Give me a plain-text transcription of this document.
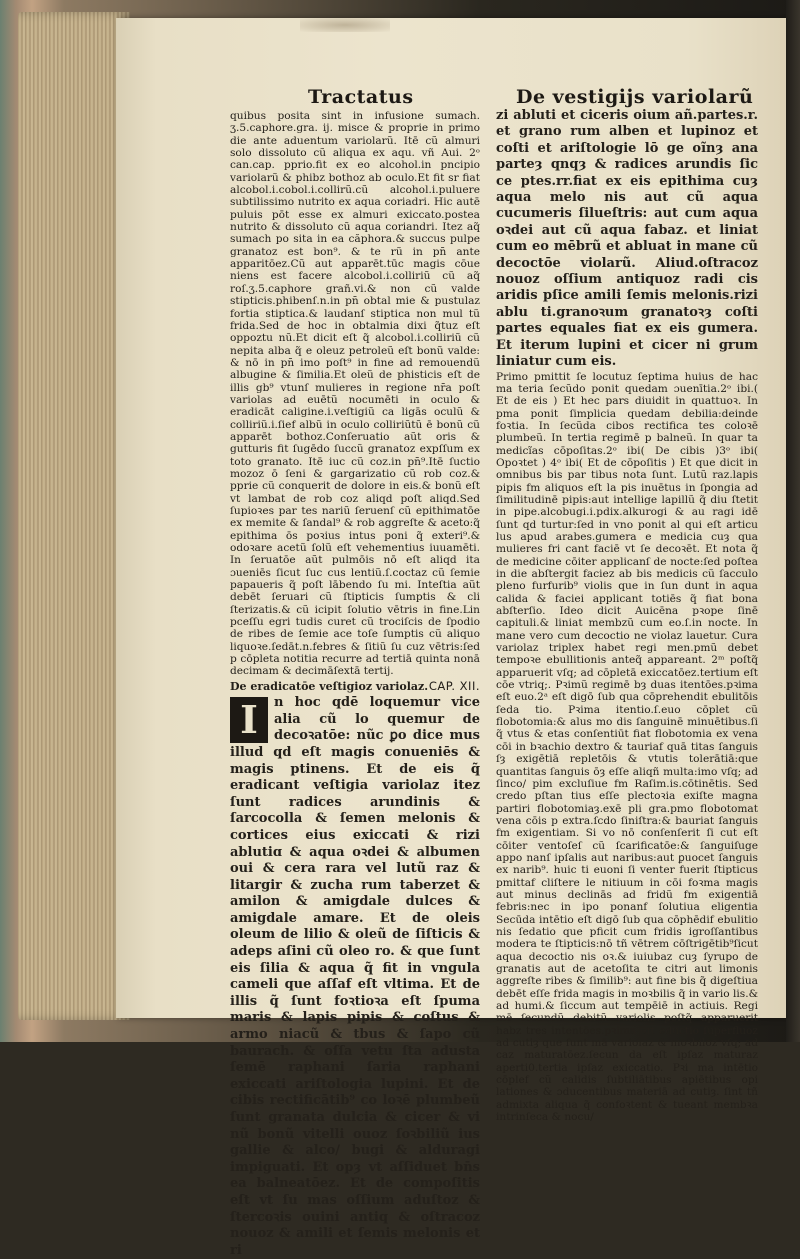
Tractatus	De vestigijs variolarũ

quibus posita sint in infusione sumach. ʒ.5.caphore.gra. ij. misce & proprie in primo die ante aduentum variolarũ. Itē cũ almuri solo dissoluto cũ aliqua ex aqu. vñ Aui. 2ᵒ can.cap. pprio.fit ex eo alcohol.in pncipio variolarũ & phibz bothoz ab oculo.Et fit sr fiat alcobol.i.cobol.i.collirũ.cũ alcohol.i.puluere subtilissimo nutrito ex aqua coriadri. Hic autē puluis pōt esse ex almuri exiccato.postea nutrito & dissoluto cũ aqua coriandri. Itez aq̃ sumach po sita in ea căphora.& succus pulpe granatoz est bon⁹. & te rũ in pn̄ ante apparitōez.Cũ aut apparēt.tūc magis cōue niens est facere alcobol.i.colliriũ cũ aq̃ roſ.ʒ.5.caphore grañ.vi.& non cũ valde stipticis.phibenſ.n.in pn̄ obtal mie & pustulaz fortia stiptica.& laudanſ stiptica non mul tũ frida.Sed de hoc in obtalmia dixi q̃tuz eſt oppoztu nũ.Et dicit eſt q̃ alcobol.i.colliriũ cũ nepita alba q̃ e oleuz petroleũ eſt bonũ valde: & nō in pn̄ imo poſt⁹ in fine ad remouendũ albugine & ſimilia.Et oleũ de phisticis eſt de illis gb⁹ vtunſ mulieres in regione nr̄a poſt variolas ad euētũ nocumēti in oculo & eradicāt caligine.i.veſtigiũ ca ligās oculũ & colliriũ.i.ſief albũ in oculo colliriũtũ ē bonũ cũ apparēt bothoz.Conſeruatio aũt oris & gutturis fit ſugēdo ſuccũ granatoz expſſum ex toto granato. Itē iuc cũ coz.in pn̄⁹.Itē ſuctio mozoz ō ſeni & gargarizatio cũ rob coz.& pprie cũ conquerit de dolore in eis.& bonũ eſt vt lambat de rob coz aliqd poſt aliqd.Sed ſupioꝛes par tes nariũ ſeruenſ cũ epithimatōe ex memite & ſandal⁹ & rob aggreſte & aceto:q̃ epithima ōs poꝛius intus poni q̃ exteri⁹.& odoꝛare acetũ ſolũ eſt vehementius iuuamēti. In ſeruatōe aũt pulmōis nō eſt aliqd ita ɔueniēs ſicut ſuc cus lentiũ.ſ.coctaz cũ ſemie papaueris q̃ poſt lābendo ſu mi. Inteſtia aũt debēt ſeruari cũ ſtipticis ſumptis & cli ſterizatis.& cũ icipit ſolutio vētris in fine.Lin pceſſu egri tudis curet cũ trociſcis de ſpodio de ribes de ſemie ace toſe ſumptis cũ aliquo liquoꝛe.ſedāt.n.febres & ſitiũ ſu cuz vētris:ſed p cōpleta notitia recurre ad tertiā quinta nonā decimam & decimāſextā tertij.

De eradicatōe veſtigioz variolaz. CAP. XII.
I	n hoc qdē loquemur vice alia cũ lo quemur de decoꝛatōe: nũc ꝑo dice mus illud qd eſt magis conueniēs & magis ptinens. Et de eis q̃ eradicant veſtigia variolaz itez ſunt radices arundinis & ſarcocolla & ſemen melonis & cortices eius exiccati & rizi ablutiɑ & aqua oꝛdei & albumen oui & cera rara vel lutũ raz & litargir & zucha rum taberzet & amilon & amigdale dulces & amigdale amare. Et de oleis oleum de lilio & oleũ de ſiſticis & adeps aſini cũ oleo ro. & que ſunt eis ſilia & aqua q̃ fit in vngula cameli que aſſaf eſt vltima. Et de illis q̃ ſunt foꝛtioꝛa eſt ſpuma maris & lapis pipis & coſtus & armo niacũ & tbus & ſapo cũ baurach. & oſſa vetu ſta adusta ſemē raphani ſaria raphani exiccati ariſtologia lupini. Et de cibis rectificātib⁹ co loꝛē plumbeũ ſunt granata dulcia & cicer & vi nũ bonũ vitelli ouoz ſoꝛbiliũ ius gallie & alco/ bugi & alduragi impiguati. Et opȝ vt aſſiduet bn̄s ea balneatōez. Et de compoſitis eſt vt ſu mas oſſium aduſtoz & ſtercoꝛis ouini antiq & oſtracoz nouoz & amili et ſemis melonis et ri
zi abluti et ciceris oium añ.partes.r. et grano rum alben et lupinoz et coſti et ariſtologie lō ge oĩnȝ ana parteȝ qnqȝ & radices arundis ſic ce ptes.rr.fiat ex eis epithima cuȝ aqua melo nis aut cũ aqua cucumeris ſilueſtris: aut cum aqua oꝛdei aut cũ aqua fabaz. et liniat cum eo mēbrũ et abluat in mane cũ decoctōe violarũ. Aliud.oſtracoz nouoz oſſium antiquoz radi cis aridis pſice amili ſemis melonis.rizi ablu ti.granoꝛum granatoꝛȝ coſti partes equales fiat ex eis gumera. Et iterum lupini et cicer ni grum liniatur cum eis.

Primo pmittit ſe locutuz ſeptima huius de hac ma teria ſecũdo ponit quedam ɔuenītia.2ᵒ ibi.( Et de eis ) Et hec pars diuidit in quattuoꝛ. In pma ponit ſimplicia quedam debilia:deinde foꝛtia. In ſecũda cibos rectifica tes coloꝛē plumbeũ. In tertia regimē p balneũ. In quar ta medicĩas cōpoſitas.2ᵒ ibi( De cibis )3ᵒ ibi( Opoꝛtet ) 4ᵒ ibi( Et de cōpoſitis ) Et que dicit in omnibus bis par tibus nota ſunt. Lutũ raz.lapis pipis fm aliquos eſt la pis inuētus in ſpongia ad ſimilitudinē pipis:aut intellige lapillũ q̃ diu ſtetit in pipe.alcobugi.i.pdix.alkurogi & au ragi idē ſunt qd turtur:ſed in vno ponit al qui eſt articu lus apud arabes.gumera e medicia cuȝ qua mulieres fri cant faciē vt ſe decoꝛēt. Et nota q̃ de medicine cōiter applicanſ de nocte:ſed poſtea in die abſtergit faciez ab bis medicis cũ ſacculo pleno furfurib⁹ violis que in ſun dunt in aqua calida & faciei applicant totiēs q̃ fiat bona abſterſio. Ideo dicit Auicēna pꝛope ſinē capituli.& liniat membzũ cum eo.ſ.in nocte. In mane vero cum decoctio ne violaz lauetur. Cura variolaz triplex habet regi men.pmũ debet tempoꝛe ebullitionis anteq̃ appareant. 2ᵐ poſtq̃ apparuerit vſq; ad cōpletā exiccatōez.tertium eſt cōe vtriq;. Pꝛimũ regimē bȝ duas itentōes.pꝛima eſt euo.2ᵃ eſt digō ſub qua cōprehendit ebulitōis ſeda tio. Pꝛima itentio.ſ.euo cōplet cũ flobotomia:& alus mo dis ſanguinē minuētibus.ſi q̃ vtus & etas conſentiūt fiat flobotomia ex vena cōi in bꝛachio dextro & tauriaf quā titas ſanguis ſȝ exigētiā repletōis & vtutis tolerātiā:que quantitas ſanguis ōȝ eſſe aliqñ multa:imo vſq; ad ſinco/ pim excluſiue fm Raſim.is.cōtinētis. Sed credo pſtan tius eſſe plectoꝛia exiſte magna partiri flobotomiaȝ.exē pli gra.pmo flobotomat vena cōis p extra.ſcdo ſiniſtra:& bauriat ſanguis fm exigentiam. Si vo nō conſenſerit ſi cut eſt cōiter ventoſeſ cũ ſcarificatōe:& ſanguiſuge appo nanſ ipſalis aut naribus:aut ꝑuocet ſanguis ex narib⁹. huic ti euoni ſi venter fuerit ſtipticus pmittaf cliſtere le nitiuum in cōi foꝛma magis aut minus declinās ad fridũ fm exigentiā febris:nec in ipo ponanf ſolutiua eligentia Secūda intētio eſt digō ſub qua cōphēdif ebulitio nis ſedatio que pficit cum fridis igroſſantibus modera te ſtipticis:nō tñ vētrem cōſtrigētib⁹ſicut aqua decoctio nis oꝛ.& iuiubaz cuȝ ſyrupo de granatis aut de acetoſita te citri aut limonis aggreſte ribes & ſimilib⁹: aut fine bis q̃ digeſtiua debēt eſſe frida magis in moꝛbilis q̃ in vario lis.& ad humi.& ſiccum aut tempēiē in actiuis. Regi mē ſecundũ debitũ variolis poſtq̃ apparuerit habz tres intentōes.pꝛima eſt eductio ſuperfluoz ad cutiȝ que ſunt mā variolaz & moꝛbiloz vſq; ad caz maturatōez.ſecun da eſt ipſaz maturaz aperti0.tertia ipſaz exiccatio. Pꝛi ma intētio cōplef cũ calidis ſubtiliātibus apiētibus opi lationes & ɔducentibus materiā ad cutiȝ. ſint tñ admixta aliqua q̃ confoꝛtent & tueant membꝛa intrinſeca & nocu/
